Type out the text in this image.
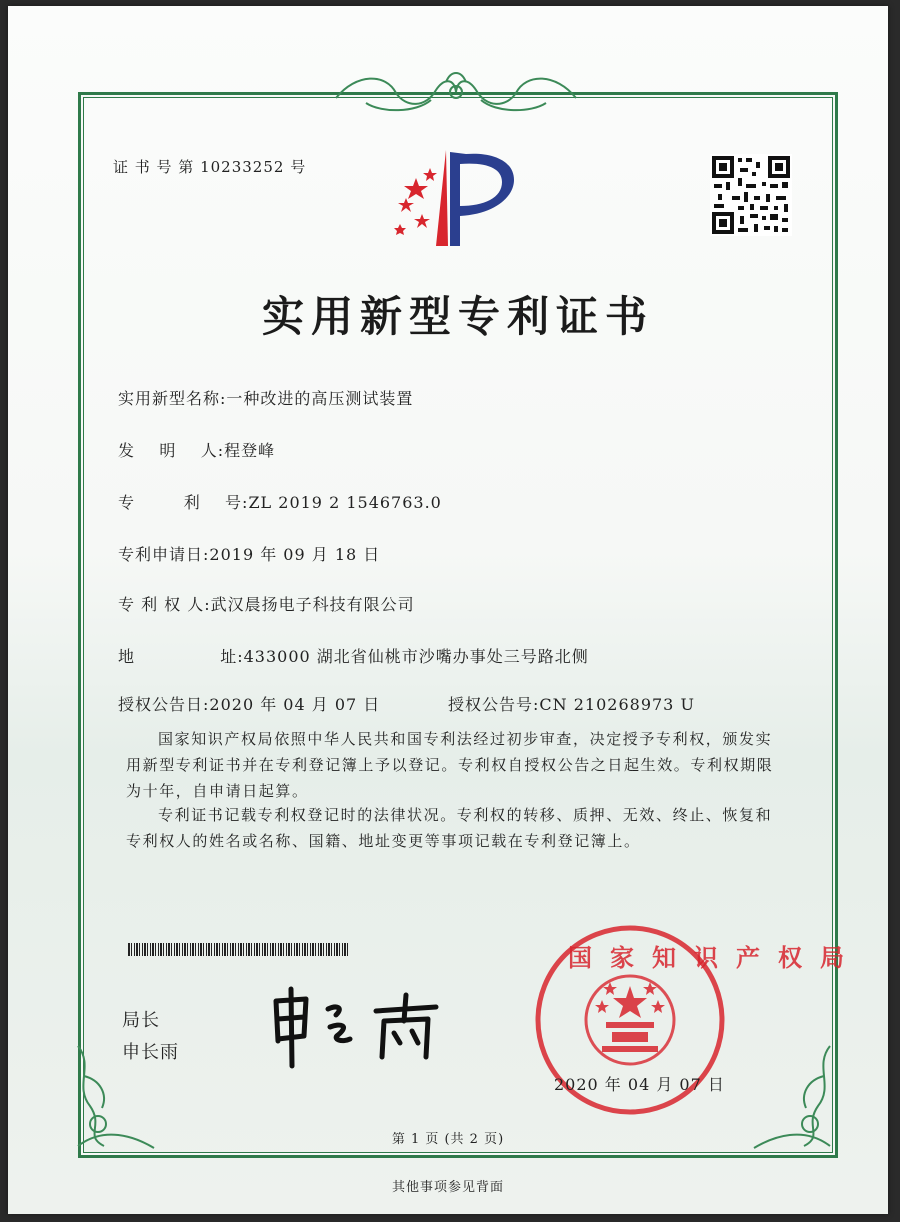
证 书 号 第 10233252 号
实用新型专利证书
实用新型名称:一种改进的高压测试装置
发    明    人:程登峰
专        利    号:ZL 2019 2 1546763.0
专利申请日:2019 年 09 月 18 日
专 利 权 人:武汉晨扬电子科技有限公司
地              址:433000 湖北省仙桃市沙嘴办事处三号路北侧
授权公告日:2020 年 04 月 07 日	授权公告号:CN 210268973 U
国家知识产权局依照中华人民共和国专利法经过初步审查，决定授予专利权，颁发实用新型专利证书并在专利登记簿上予以登记。专利权自授权公告之日起生效。专利权期限为十年，自申请日起算。
专利证书记载专利权登记时的法律状况。专利权的转移、质押、无效、终止、恢复和专利权人的姓名或名称、国籍、地址变更等事项记载在专利登记簿上。
局长
申长雨
国家知识产权局
2020 年 04 月 07 日
第 1 页 (共 2 页)
其他事项参见背面
